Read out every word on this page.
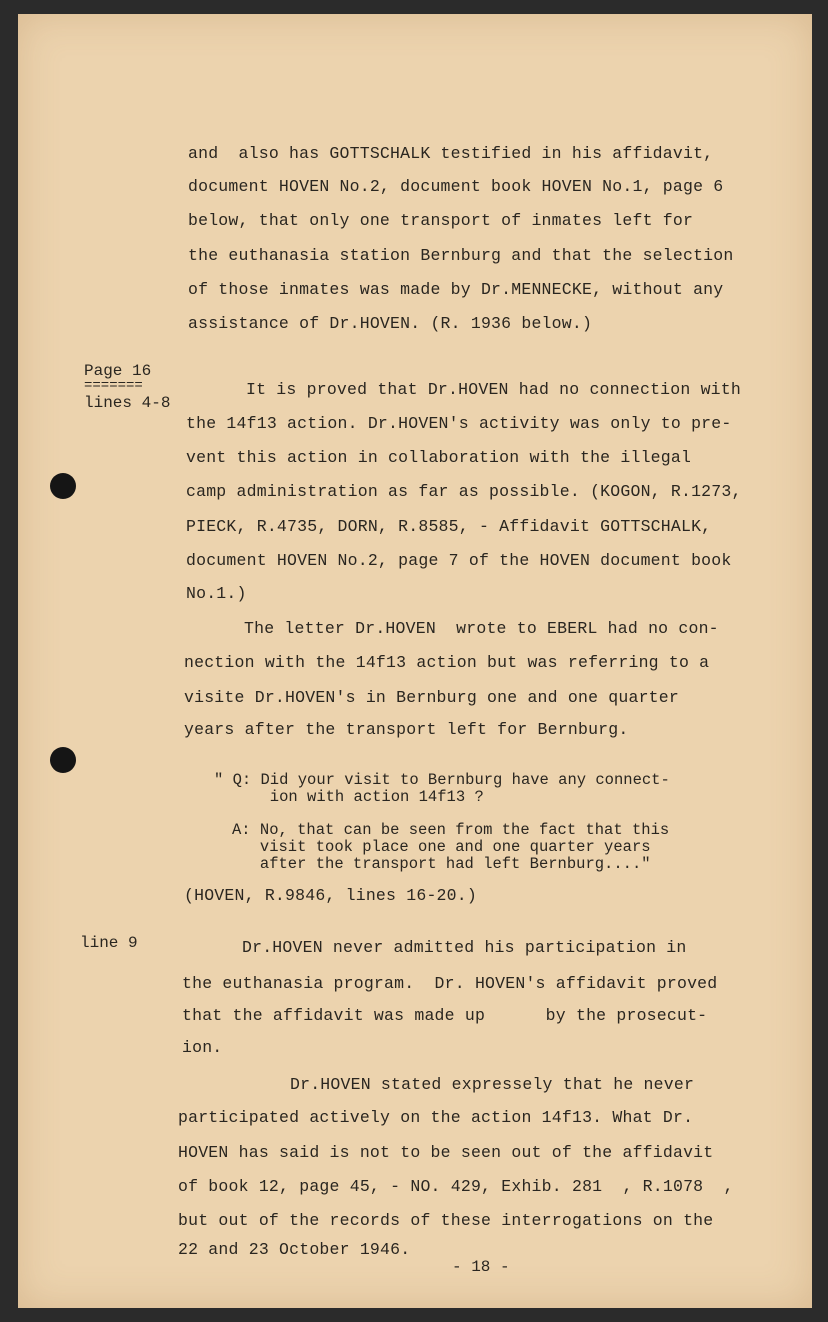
and  also has GOTTSCHALK testified in his affidavit,
document HOVEN No.2, document book HOVEN No.1, page 6
below, that only one transport of inmates left for
the euthanasia station Bernburg and that the selection
of those inmates was made by Dr.MENNECKE, without any
assistance of Dr.HOVEN. (R. 1936 below.)
Page 16
=======
lines 4-8
It is proved that Dr.HOVEN had no connection with
the 14f13 action. Dr.HOVEN's activity was only to pre-
vent this action in collaboration with the illegal
camp administration as far as possible. (KOGON, R.1273,
PIECK, R.4735, DORN, R.8585, - Affidavit GOTTSCHALK,
document HOVEN No.2, page 7 of the HOVEN document book
No.1.)
The letter Dr.HOVEN  wrote to EBERL had no con-
nection with the 14f13 action but was referring to a
visite Dr.HOVEN's in Bernburg one and one quarter
years after the transport left for Bernburg.
" Q: Did your visit to Bernburg have any connect-
ion with action 14f13 ?
A: No, that can be seen from the fact that this
visit took place one and one quarter years
after the transport had left Bernburg...."
(HOVEN, R.9846, lines 16-20.)
line 9	Dr.HOVEN never admitted his participation in
the euthanasia program.  Dr. HOVEN's affidavit proved
that the affidavit was made up      by the prosecut-
ion.
Dr.HOVEN stated expressely that he never
participated actively on the action 14f13. What Dr.
HOVEN has said is not to be seen out of the affidavit
of book 12, page 45, - NO. 429, Exhib. 281  , R.1078  ,
but out of the records of these interrogations on the
22 and 23 October 1946.
- 18 -
